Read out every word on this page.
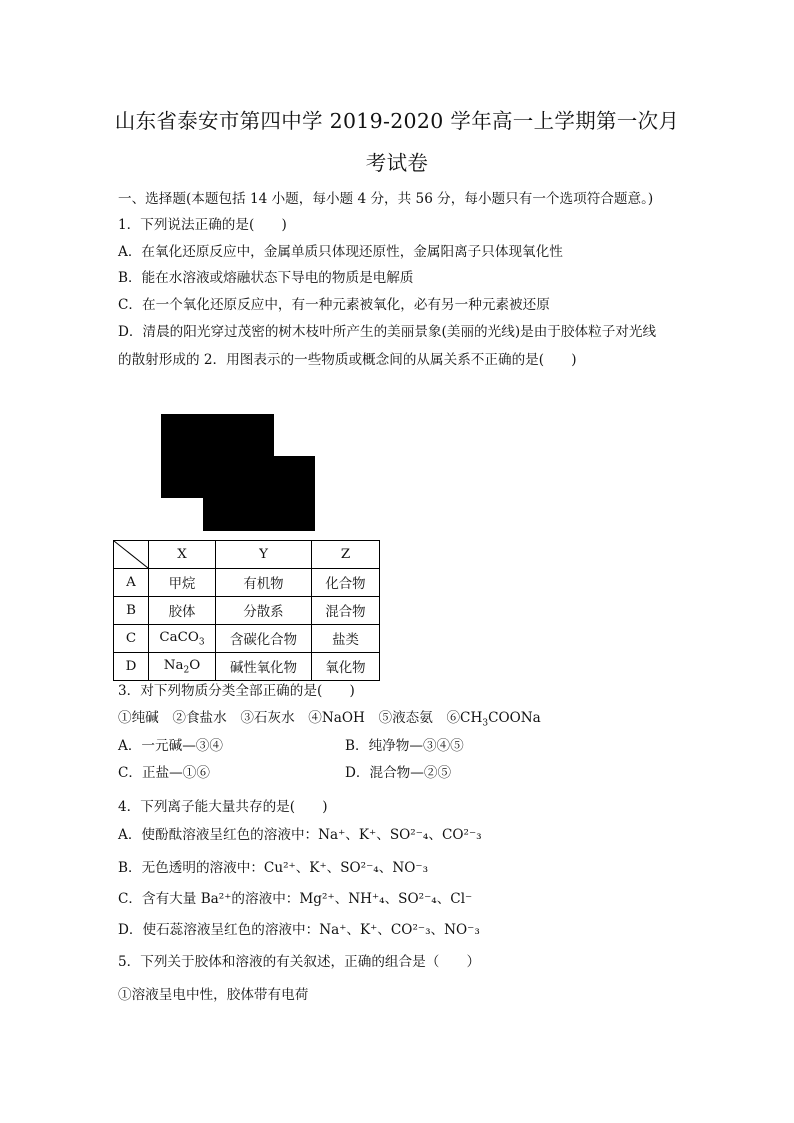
山东省泰安市第四中学 2019-2020 学年高一上学期第一次月
考试卷
一、选择题(本题包括 14 小题，每小题 4 分，共 56 分，每小题只有一个选项符合题意。)
1．下列说法正确的是(　　)
A．在氧化还原反应中，金属单质只体现还原性，金属阳离子只体现氧化性
B．能在水溶液或熔融状态下导电的物质是电解质
C．在一个氧化还原反应中，有一种元素被氧化，必有另一种元素被还原
D．清晨的阳光穿过茂密的树木枝叶所产生的美丽景象(美丽的光线)是由于胶体粒子对光线
的散射形成的 2．用图表示的一些物质或概念间的从属关系不正确的是(　　)
	X	Y	Z
A	甲烷	有机物	化合物
B	胶体	分散系	混合物
C	CaCO$_3$	含碳化合物	盐类
D	$Na_2O$	碱性氧化物	氧化物
3．对下列物质分类全部正确的是(　　)
①纯碱　②食盐水　③石灰水　④NaOH　⑤液态氨　$⑥CH_3COONa$
A．一元碱—③④	B．纯净物—③④⑤
C．正盐—①⑥	D．混合物—②⑤
4．下列离子能大量共存的是(　　)
A．使酚酞溶液呈红色的溶液中：Na⁺、K⁺、SO²⁻₄、CO²⁻₃
B．无色透明的溶液中：Cu²⁺、K⁺、SO²⁻₄、NO⁻₃
C．含有大量 Ba²⁺的溶液中：Mg²⁺、NH⁺₄、SO²⁻₄、Cl⁻
D．使石蕊溶液呈红色的溶液中：Na⁺、K⁺、CO²⁻₃、NO⁻₃
5．下列关于胶体和溶液的有关叙述，正确的组合是（　　）
①溶液呈电中性，胶体带有电荷
